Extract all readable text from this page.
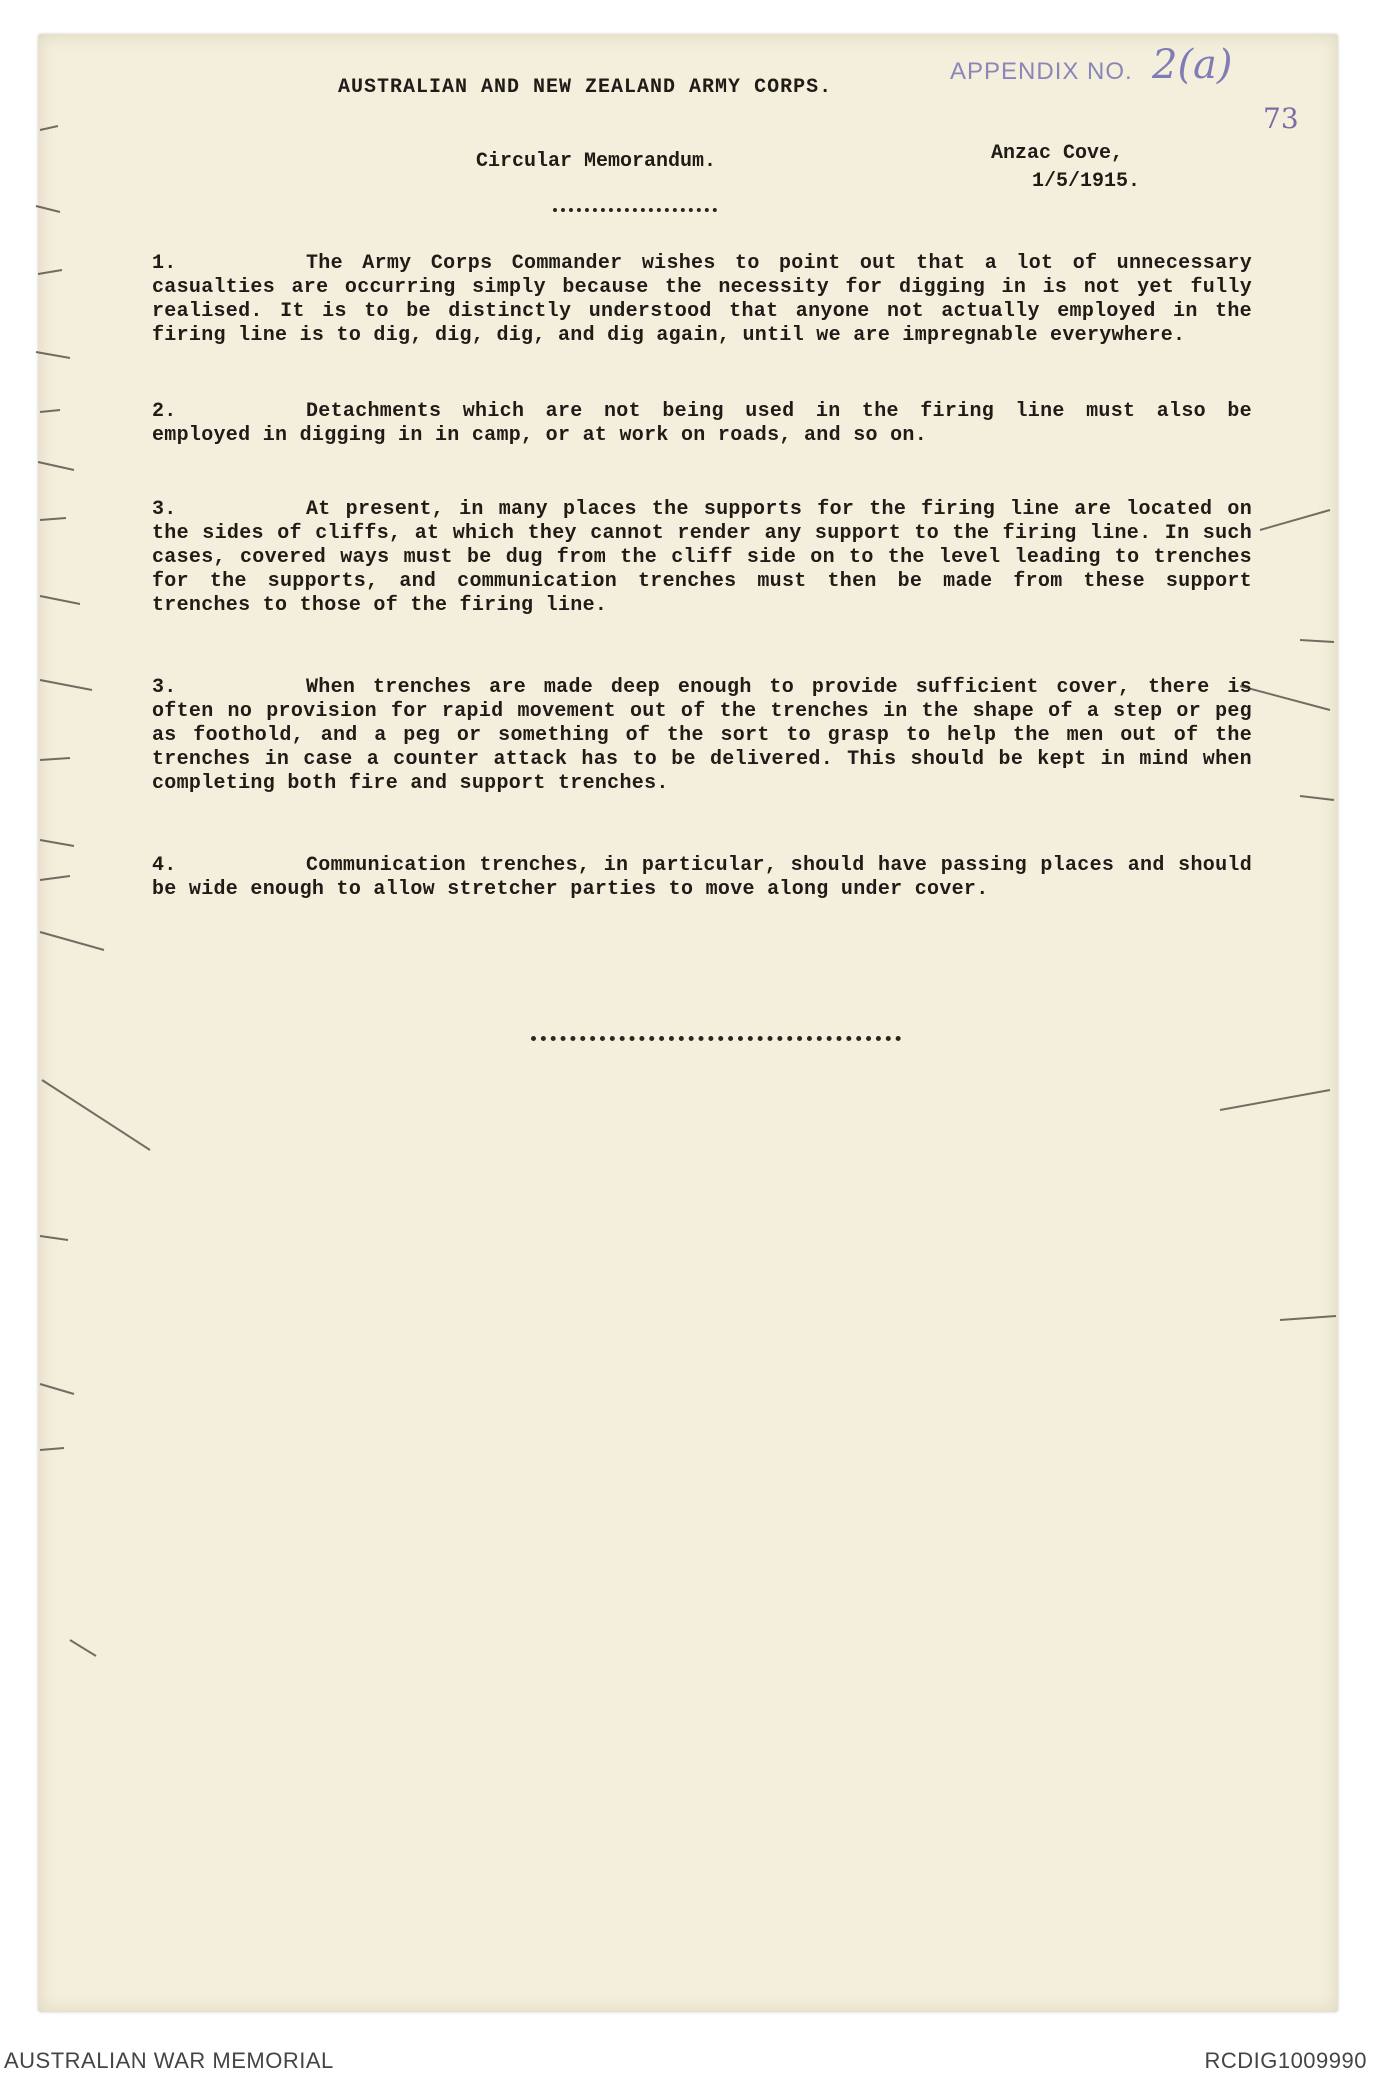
AUSTRALIAN AND NEW ZEALAND ARMY CORPS.
APPENDIX NO. 2(a)
73
Circular Memorandum.	Anzac Cove,
1/5/1915.

1.	The Army Corps Commander wishes to point out that a lot of unnecessary casualties are occurring simply because the necessity for digging in is not yet fully realised. It is to be distinctly understood that anyone not actually employed in the firing line is to dig, dig, dig, and dig again, until we are impregnable everywhere.

2.	Detachments which are not being used in the firing line must also be employed in digging in in camp, or at work on roads, and so on.

3.	At present, in many places the supports for the firing line are located on the sides of cliffs, at which they cannot render any support to the firing line. In such cases, covered ways must be dug from the cliff side on to the level leading to trenches for the supports, and communication trenches must then be made from these support trenches to those of the firing line.

3.	When trenches are made deep enough to provide sufficient cover, there is often no provision for rapid movement out of the trenches in the shape of a step or peg as foothold, and a peg or something of the sort to grasp to help the men out of the trenches in case a counter attack has to be delivered. This should be kept in mind when completing both fire and support trenches.

4.	Communication trenches, in particular, should have passing places and should be wide enough to allow stretcher parties to move along under cover.

AUSTRALIAN WAR MEMORIAL	RCDIG1009990
